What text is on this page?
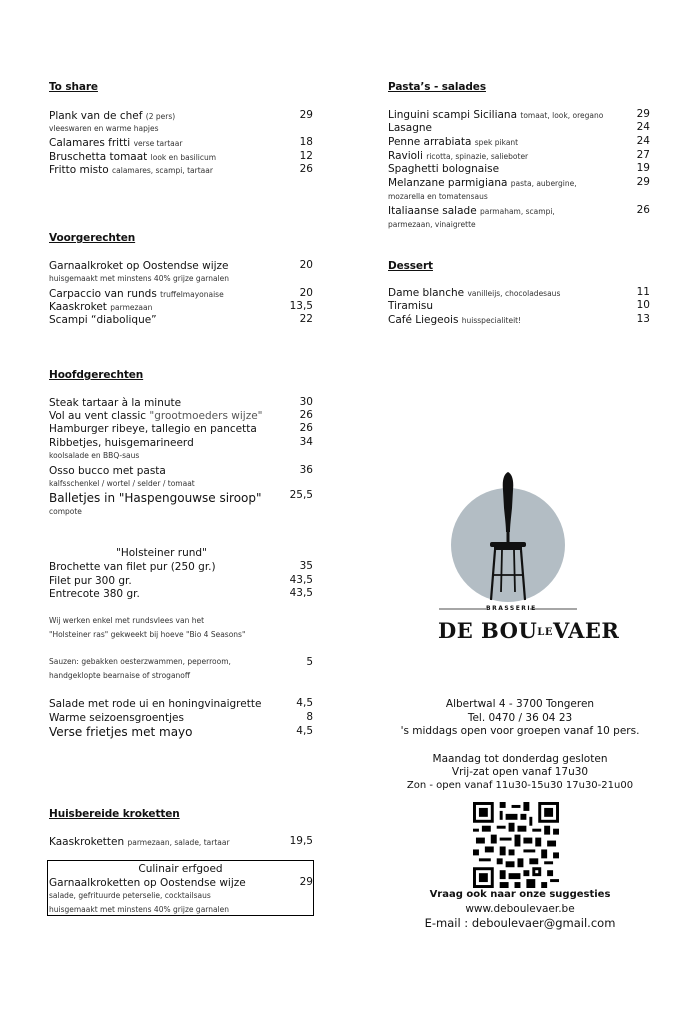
To share
Plank van de chef (2 pers)	29
vleeswaren en warme hapjes
Calamares fritti verse tartaar	18
Bruschetta tomaat look en basilicum	12
Fritto misto calamares, scampi, tartaar	26
Voorgerechten
Garnaalkroket op Oostendse wijze	20
huisgemaakt met minstens 40% grijze garnalen
Carpaccio van runds truffelmayonaise	20
Kaaskroket parmezaan	13,5
Scampi “diabolique”	22
Hoofdgerechten
Steak tartaar à la minute	30
Vol au vent classic "grootmoeders wijze"	26
Hamburger ribeye, tallegio en pancetta	26
Ribbetjes, huisgemarineerd	34
koolsalade en BBQ-saus
Osso bucco met pasta	36
kalfsschenkel / wortel / selder / tomaat
Balletjes in "Haspengouwse siroop"	25,5
compote
"Holsteiner rund"
Brochette van filet pur (250 gr.)	35
Filet pur 300 gr.	43,5
Entrecote 380 gr.	43,5
Wij werken enkel met rundsvlees van het
"Holsteiner ras" gekweekt bij hoeve "Bio 4 Seasons"
Sauzen: gebakken oesterzwammen, peperroom,	5
handgeklopte bearnaise of stroganoff
Salade met rode ui en honingvinaigrette	4,5
Warme seizoensgroentjes	8
Verse frietjes met mayo	4,5
Huisbereide kroketten
Kaaskroketten parmezaan, salade, tartaar	19,5
Culinair erfgoed
Garnaalkroketten op Oostendse wijze	29
salade, gefrituurde peterselie, cocktailsaus
huisgemaakt met minstens 40% grijze garnalen
Pasta’s - salades
Linguini scampi Siciliana tomaat, look, oregano	29
Lasagne	24
Penne arrabiata spek pikant	24
Ravioli ricotta, spinazie, salieboter	27
Spaghetti bolognaise	19
Melanzane parmigiana pasta, aubergine,	29
mozarella en tomatensaus
Italiaanse salade parmaham, scampi,	26
parmezaan, vinaigrette
Dessert
Dame blanche vanilleijs, chocoladesaus	11
Tiramisu	10
Café Liegeois huisspecialiteit!	13
BRASSERIE
DE BOULEVAER
Albertwal 4 - 3700 Tongeren
Tel. 0470 / 36 04 23
's middags open voor groepen vanaf 10 pers.
Maandag tot donderdag gesloten
Vrij-zat open vanaf 17u30
Zon - open vanaf 11u30-15u30 17u30-21u00
Vraag ook naar onze suggesties
www.deboulevaer.be
E-mail : deboulevaer@gmail.com
